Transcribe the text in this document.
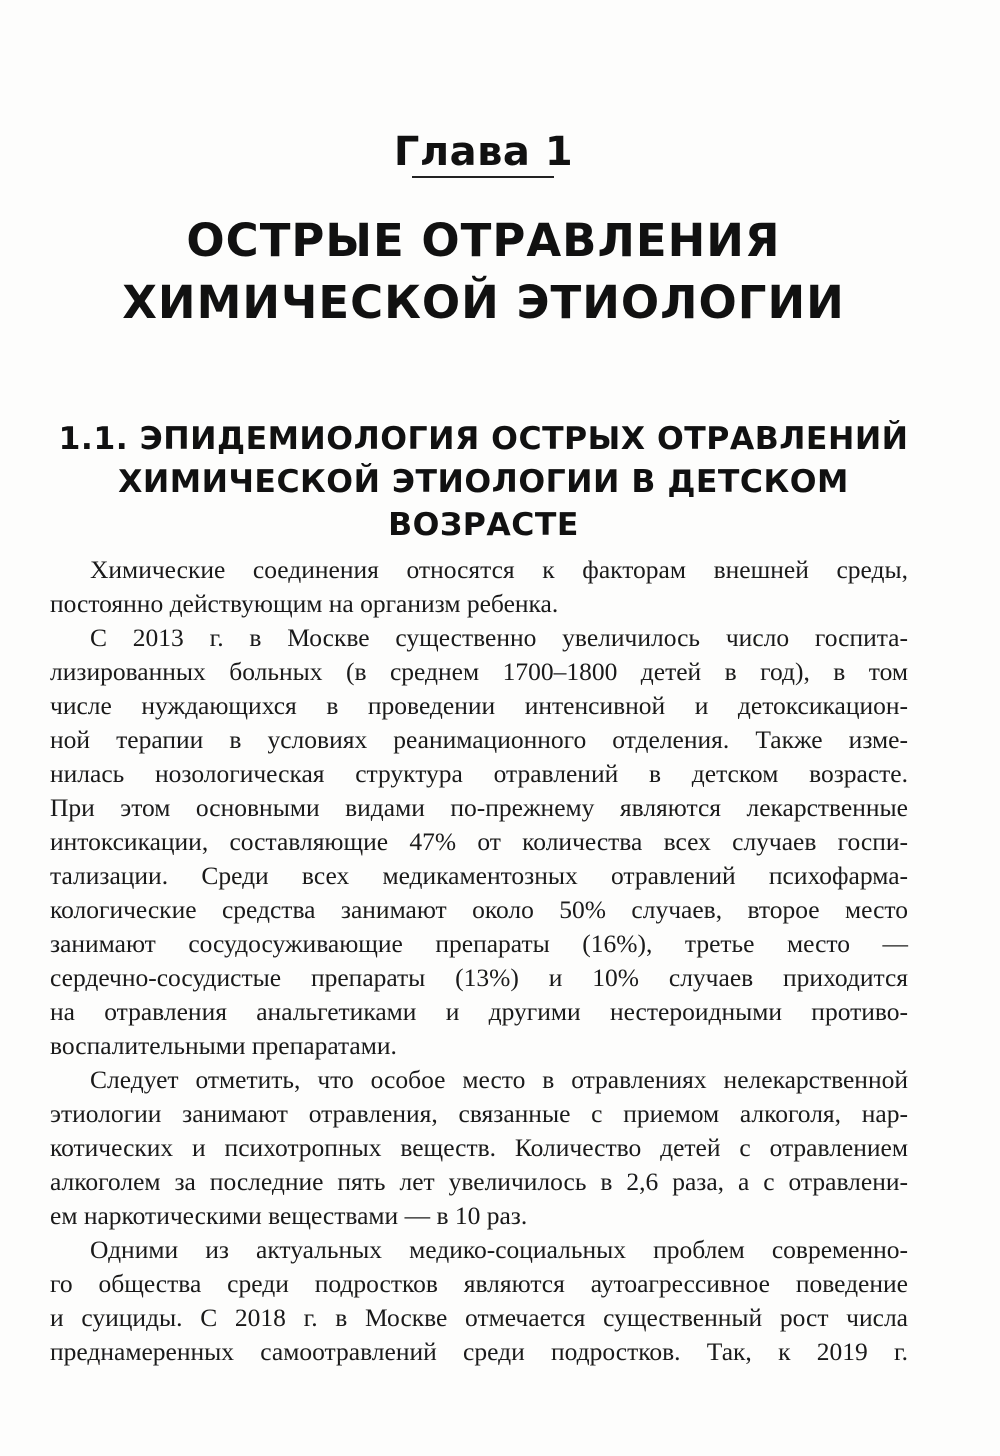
Глава 1
ОСТРЫЕ ОТРАВЛЕНИЯ
ХИМИЧЕСКОЙ ЭТИОЛОГИИ
1.1. ЭПИДЕМИОЛОГИЯ ОСТРЫХ ОТРАВЛЕНИЙ
ХИМИЧЕСКОЙ ЭТИОЛОГИИ В ДЕТСКОМ
ВОЗРАСТЕ
Химические соединения относятся к факторам внешней среды,
постоянно действующим на организм ребенка.
С 2013 г. в Москве существенно увеличилось число госпита-
лизированных больных (в среднем 1700–1800 детей в год), в том
числе нуждающихся в проведении интенсивной и детоксикацион-
ной терапии в условиях реанимационного отделения. Также изме-
нилась нозологическая структура отравлений в детском возрасте.
При этом основными видами по-прежнему являются лекарственные
интоксикации, составляющие 47% от количества всех случаев госпи-
тализации. Среди всех медикаментозных отравлений психофарма-
кологические средства занимают около 50% случаев, второе место
занимают сосудосуживающие препараты (16%), третье место —
сердечно-сосудистые препараты (13%) и 10% случаев приходится
на отравления анальгетиками и другими нестероидными противо-
воспалительными препаратами.
Следует отметить, что особое место в отравлениях нелекарственной
этиологии занимают отравления, связанные с приемом алкоголя, нар-
котических и психотропных веществ. Количество детей с отравлением
алкоголем за последние пять лет увеличилось в 2,6 раза, а с отравлени-
ем наркотическими веществами — в 10 раз.
Одними из актуальных медико-социальных проблем современно-
го общества среди подростков являются аутоагрессивное поведение
и суициды. С 2018 г. в Москве отмечается существенный рост числа
преднамеренных самоотравлений среди подростков. Так, к 2019 г.
